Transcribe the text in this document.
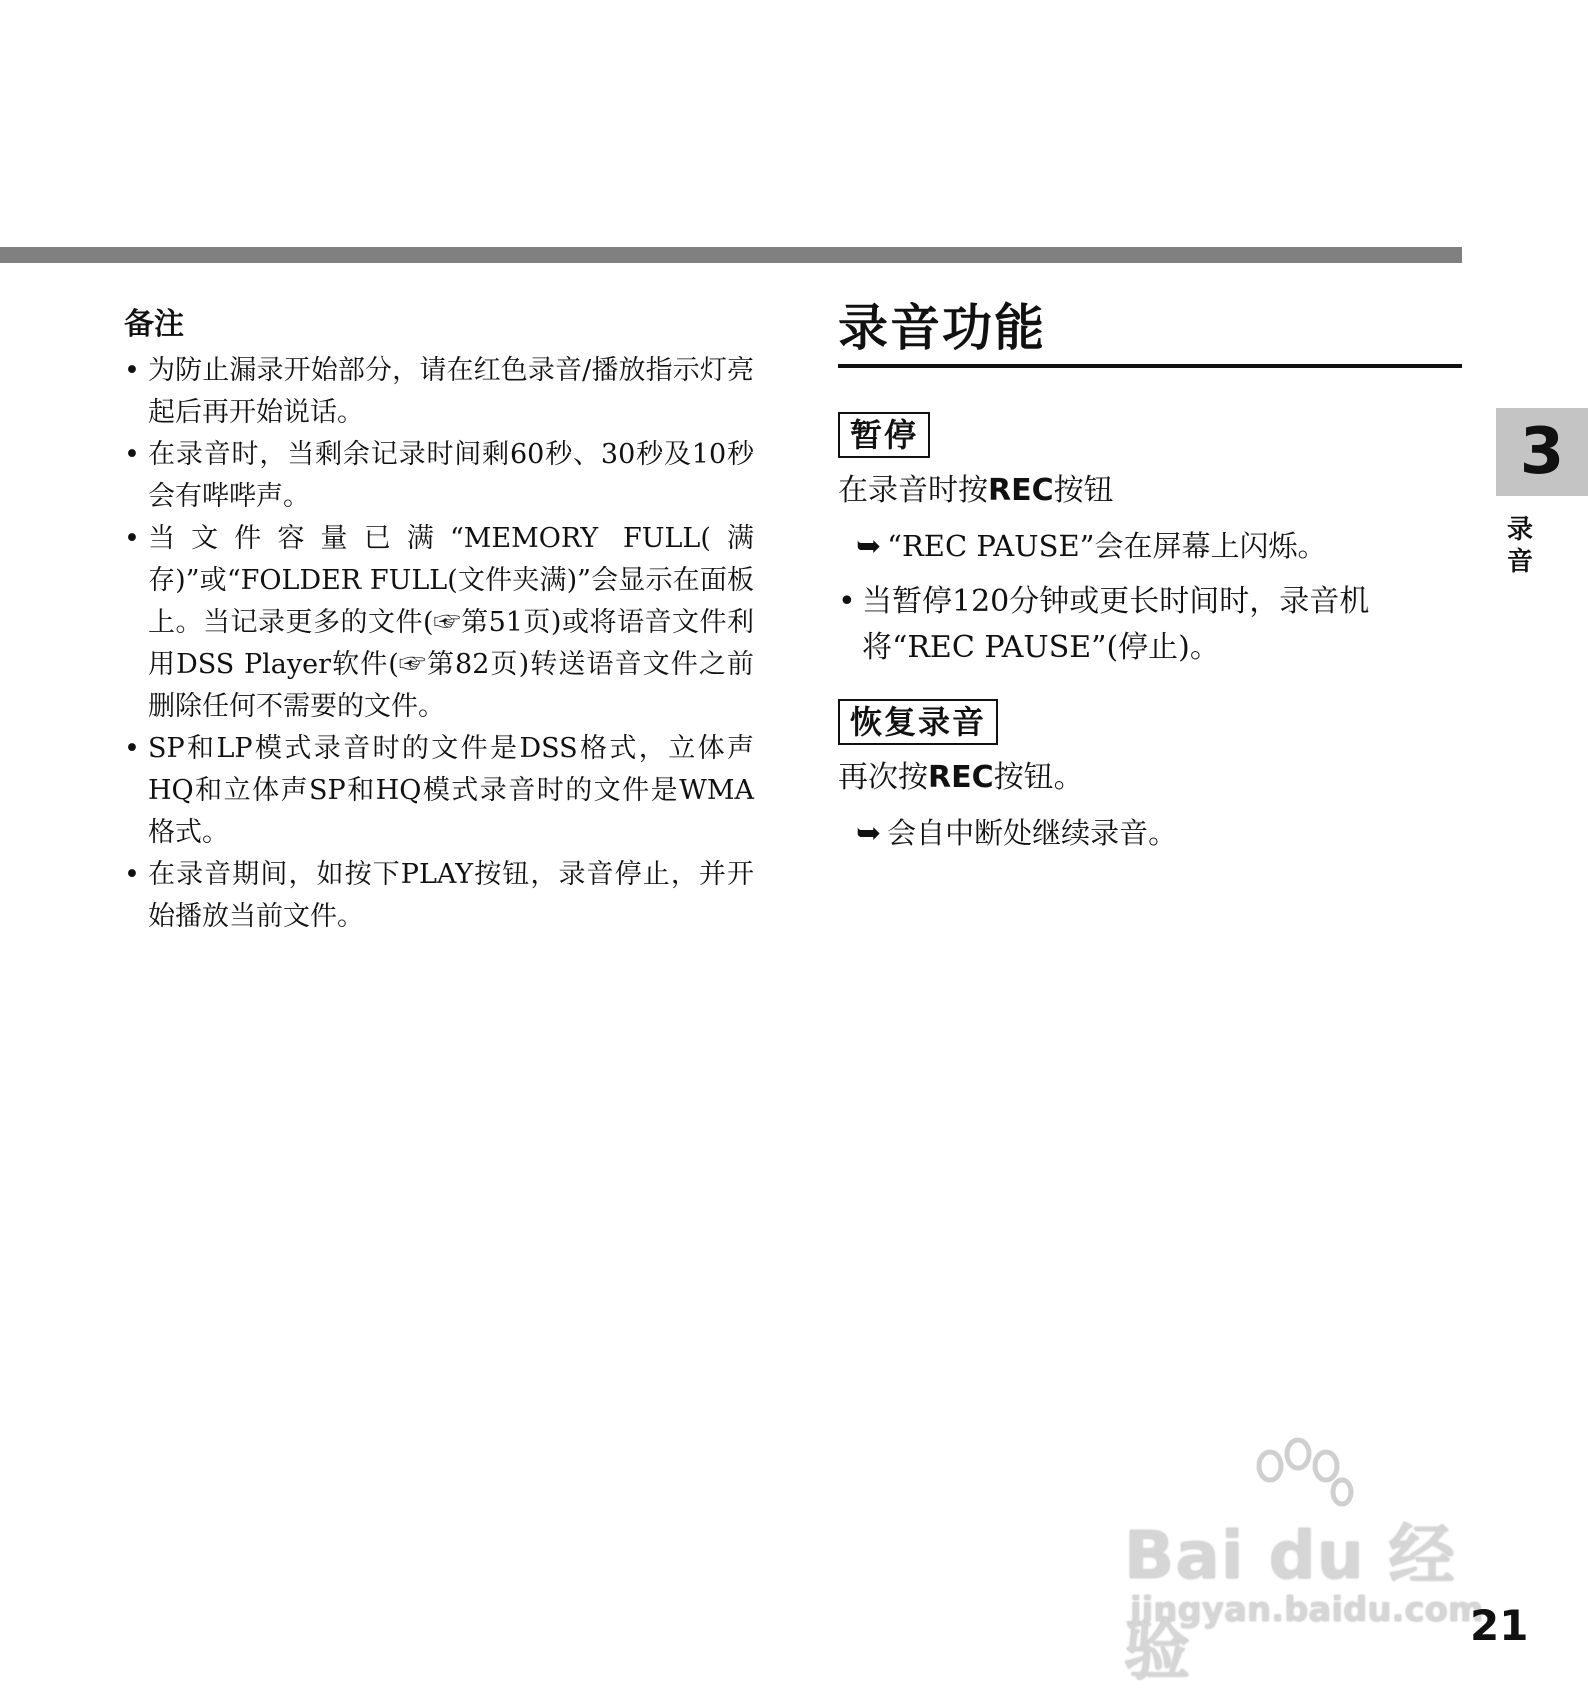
备注
• 为防止漏录开始部分，请在红色录音/播放指示灯亮起后再开始说话。
• 在录音时，当剩余记录时间剩60秒、30秒及10秒会有哔哔声。
• 当文件容量已满“MEMORY FULL(满存)”或“FOLDER FULL(文件夹满)”会显示在面板上。当记录更多的文件(☞第51页)或将语音文件利用DSS Player软件(☞第82页)转送语音文件之前删除任何不需要的文件。
• SP和LP模式录音时的文件是DSS格式，立体声HQ和立体声SP和HQ模式录音时的文件是WMA格式。
• 在录音期间，如按下PLAY按钮，录音停止，并开始播放当前文件。
录音功能
暂停
在录音时按REC按钮
➥ “REC PAUSE”会在屏幕上闪烁。
• 当暂停120分钟或更长时间时，录音机将“REC PAUSE”(停止)。
恢复录音
再次按REC按钮。
➥ 会自中断处继续录音。
3
录音
Bai du 经验
jingyan.baidu.com
21
